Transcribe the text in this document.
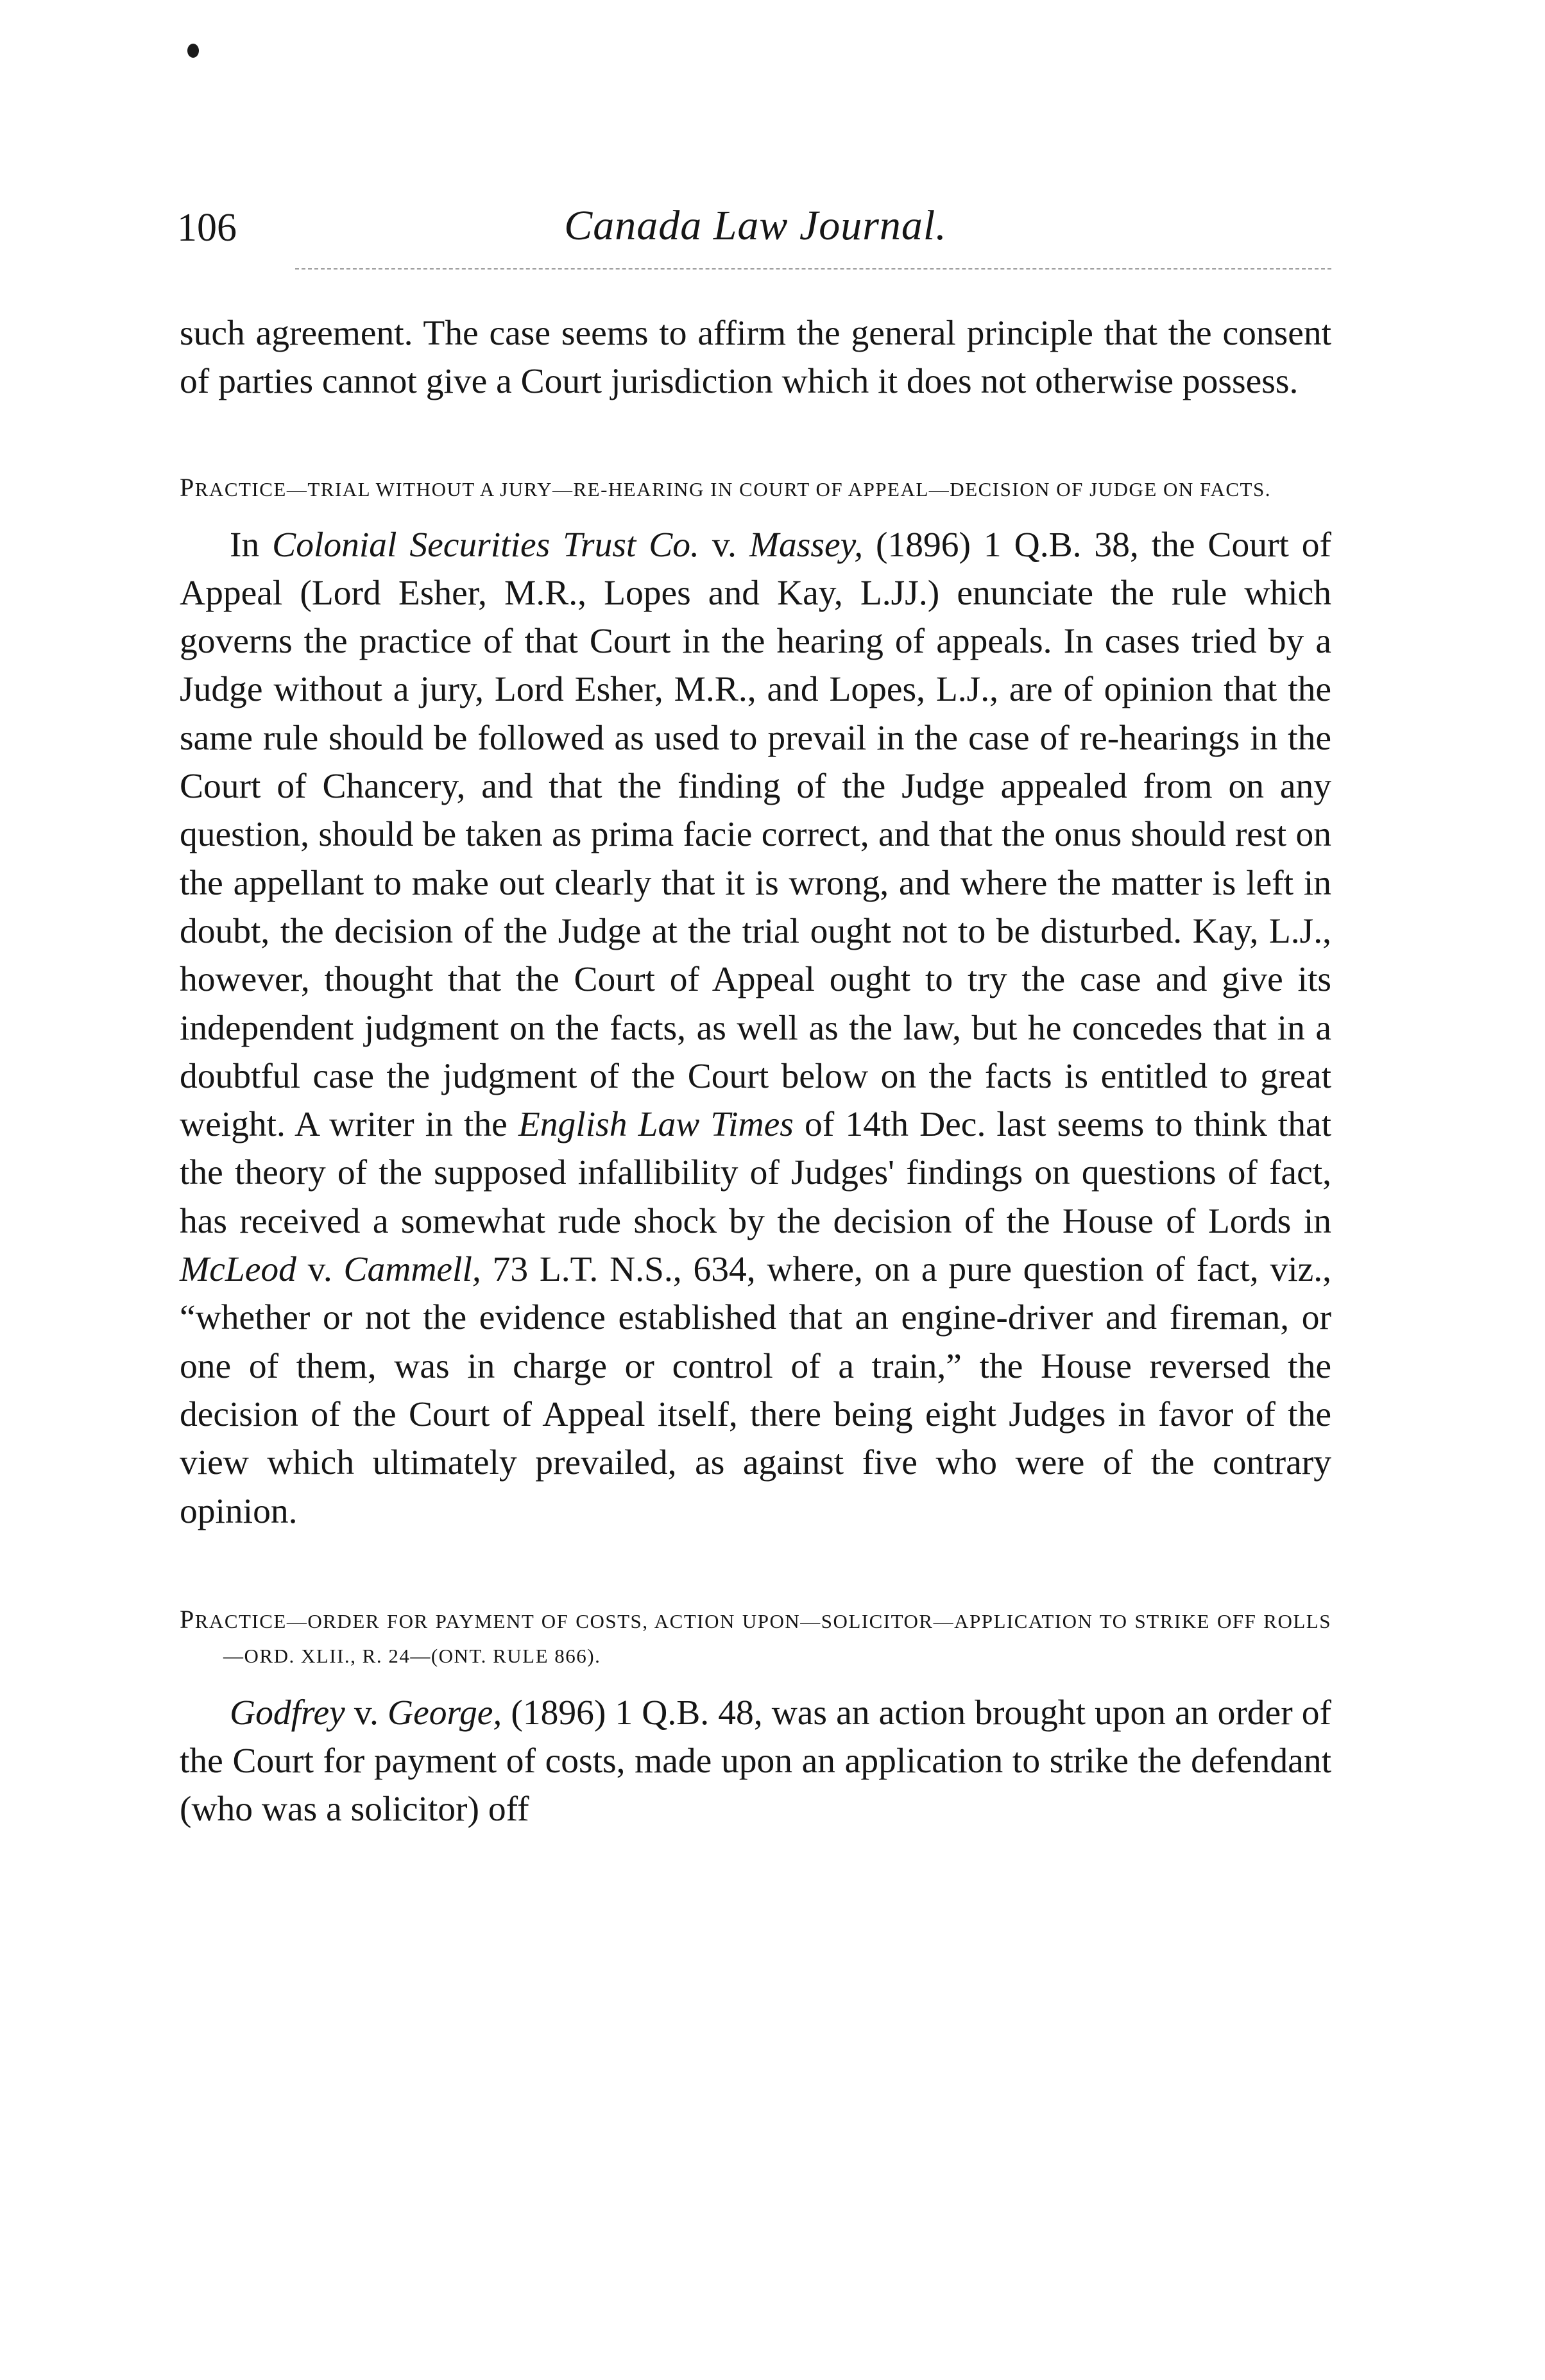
106	Canada Law Journal.

such agreement. The case seems to affirm the general principle that the consent of parties cannot give a Court jurisdiction which it does not otherwise possess.

PRACTICE—TRIAL WITHOUT A JURY—RE-HEARING IN COURT OF APPEAL—DECISION OF JUDGE ON FACTS.

In Colonial Securities Trust Co. v. Massey, (1896) 1 Q.B. 38, the Court of Appeal (Lord Esher, M.R., Lopes and Kay, L.JJ.) enunciate the rule which governs the practice of that Court in the hearing of appeals. In cases tried by a Judge without a jury, Lord Esher, M.R., and Lopes, L.J., are of opinion that the same rule should be followed as used to prevail in the case of re-hearings in the Court of Chancery, and that the finding of the Judge appealed from on any question, should be taken as prima facie correct, and that the onus should rest on the appellant to make out clearly that it is wrong, and where the matter is left in doubt, the decision of the Judge at the trial ought not to be disturbed. Kay, L.J., however, thought that the Court of Appeal ought to try the case and give its independent judgment on the facts, as well as the law, but he concedes that in a doubtful case the judgment of the Court below on the facts is entitled to great weight. A writer in the English Law Times of 14th Dec. last seems to think that the theory of the supposed infallibility of Judges' findings on questions of fact, has received a somewhat rude shock by the decision of the House of Lords in McLeod v. Cammell, 73 L.T. N.S., 634, where, on a pure question of fact, viz., “whether or not the evidence established that an engine-driver and fireman, or one of them, was in charge or control of a train,” the House reversed the decision of the Court of Appeal itself, there being eight Judges in favor of the view which ultimately prevailed, as against five who were of the contrary opinion.

PRACTICE—ORDER FOR PAYMENT OF COSTS, ACTION UPON—SOLICITOR—APPLICATION TO STRIKE OFF ROLLS—ORD. XLII., R. 24—(ONT. RULE 866).

Godfrey v. George, (1896) 1 Q.B. 48, was an action brought upon an order of the Court for payment of costs, made upon an application to strike the defendant (who was a solicitor) off
